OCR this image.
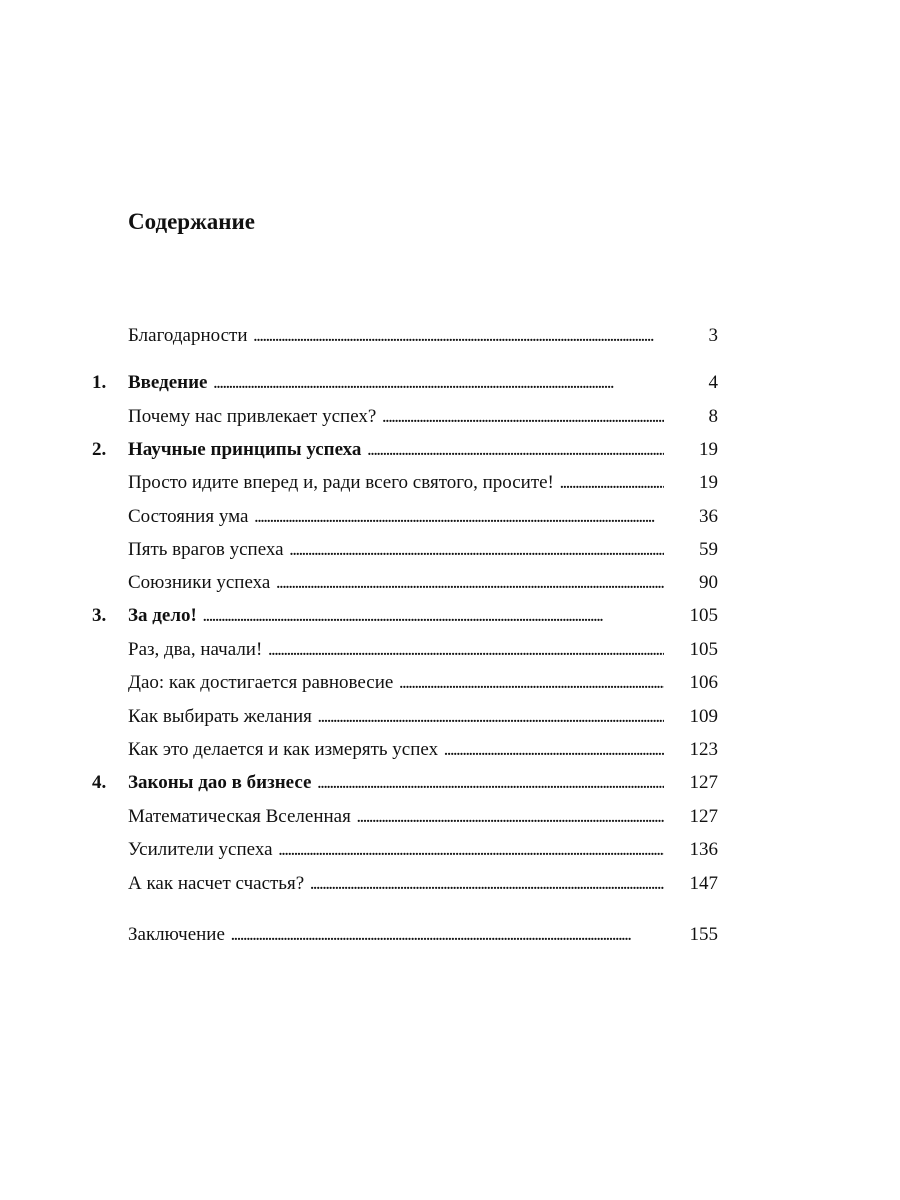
Содержание
Благодарности . . .	3
1. Введение . . .	4
Почему нас привлекает успех? . . .	8
2. Научные принципы успеха . . .	19
Просто идите вперед и, ради всего святого, просите! . . .	19
Состояния ума . . .	36
Пять врагов успеха . . .	59
Союзники успеха . . .	90
3. За дело! . . .	105
Раз, два, начали! . . .	105
Дао: как достигается равновесие . . .	106
Как выбирать желания . . .	109
Как это делается и как измерять успех . . .	123
4. Законы дао в бизнесе . . .	127
Математическая Вселенная . . .	127
Усилители успеха . . .	136
А как насчет счастья? . . .	147
Заключение . . .	155
